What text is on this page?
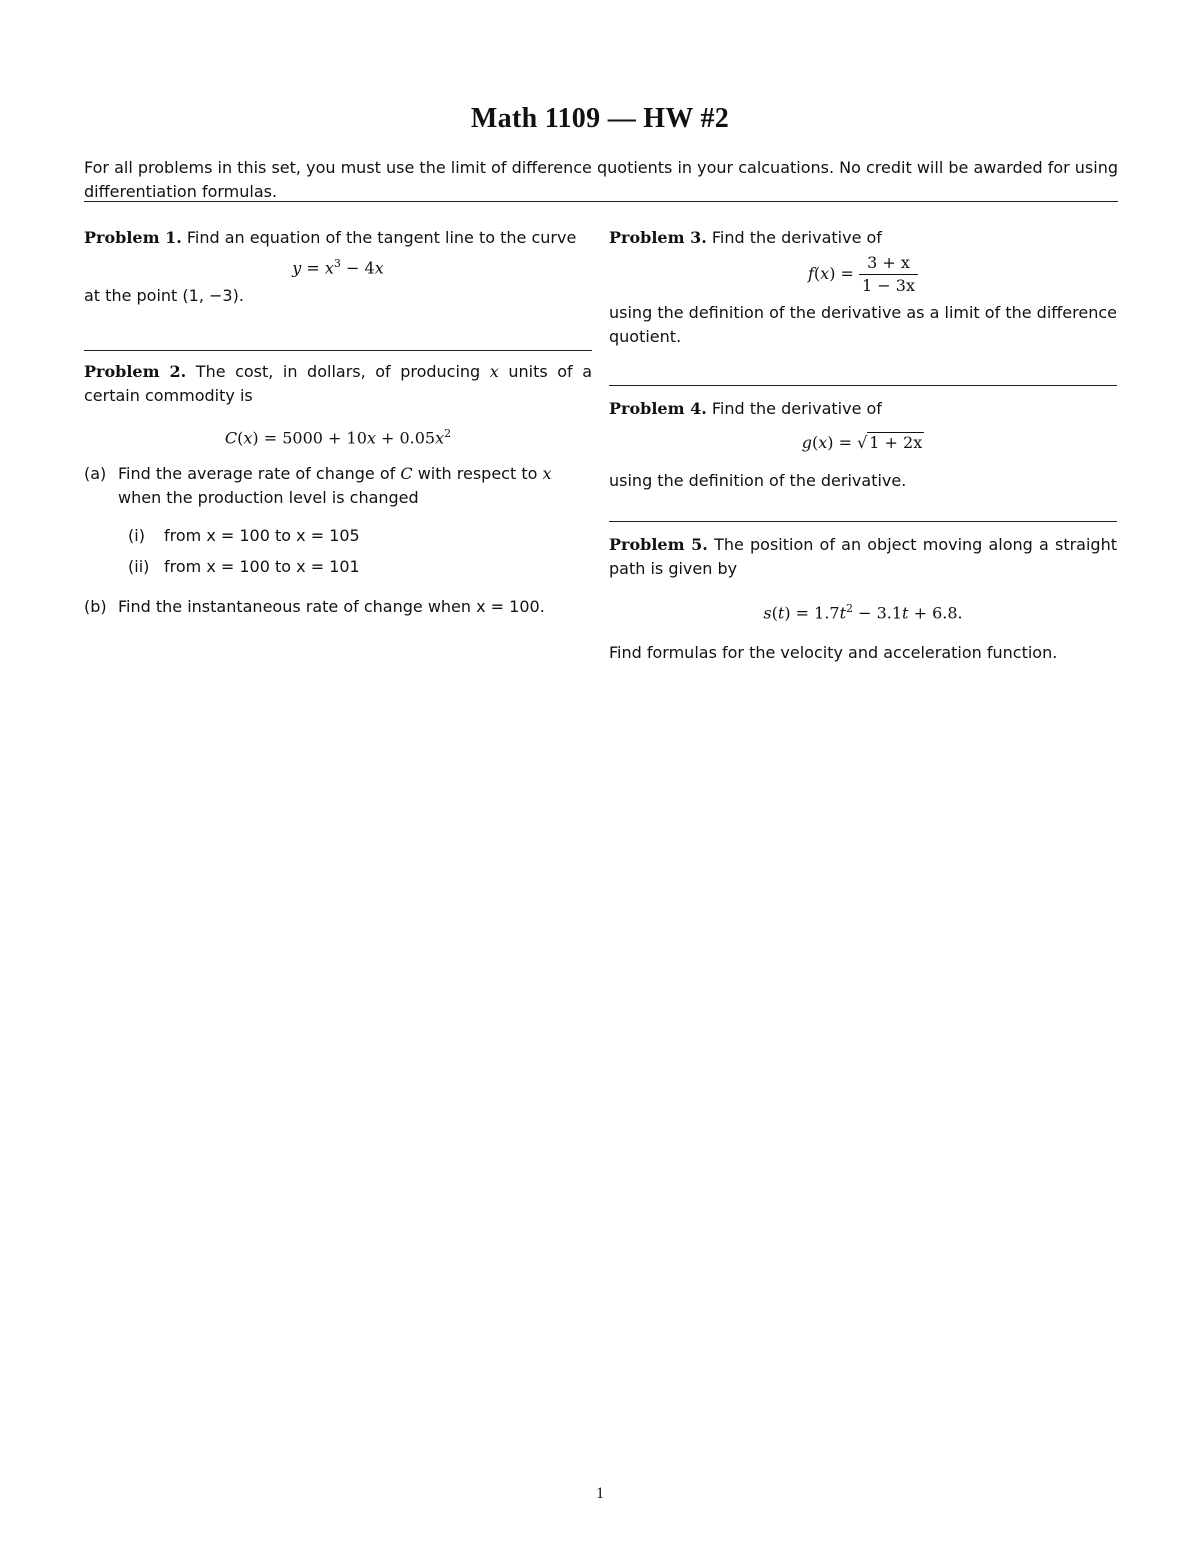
Math 1109 — HW #2
For all problems in this set, you must use the limit of difference quotients in your calcuations. No credit will be awarded for using differentiation formulas.

Problem 1. Find an equation of the tangent line to the curve

$y = x^3 - 4x$

at the point (1, −3).

Problem 2. The cost, in dollars, of producing x units of a certain commodity is

$C(x) = 5000 + 10x + 0.05x^2$
(a) Find the average rate of change of C with respect to x when the production level is changed
(i) from x = 100 to x = 105
(ii) from x = 100 to x = 101
(b) Find the instantaneous rate of change when x = 100.

Problem 3. Find the derivative of

$f(x) = \frac{3 + x}{1 - 3x}$

using the definition of the derivative as a limit of the difference quotient.

Problem 4. Find the derivative of

g(x) = √ 1 + 2x

using the definition of the derivative.

Problem 5. The position of an object moving along a straight path is given by

$s(t) = 1.7t^2 - 3.1t + 6.8$.

Find formulas for the velocity and acceleration function.

1
